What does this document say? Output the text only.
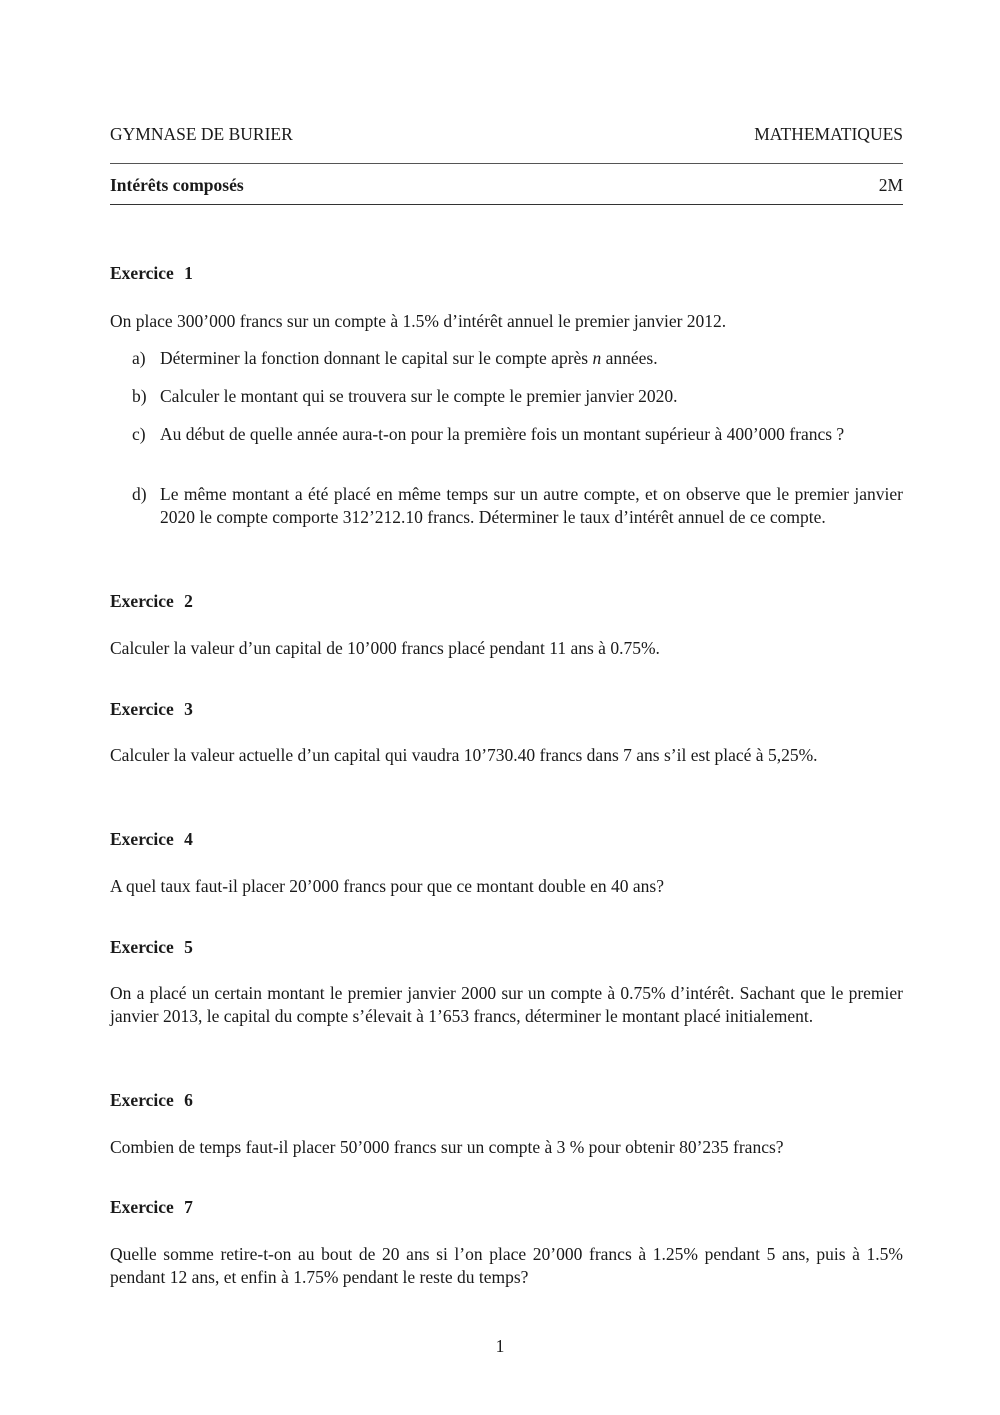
GYMNASE DE BURIER	MATHEMATIQUES
Intérêts composés	2M
Exercice 1
On place 300’000 francs sur un compte à 1.5% d’intérêt annuel le premier janvier 2012.
a) Déterminer la fonction donnant le capital sur le compte après n années.
b) Calculer le montant qui se trouvera sur le compte le premier janvier 2020.
c) Au début de quelle année aura-t-on pour la première fois un montant supérieur à 400’000 francs ?
d) Le même montant a été placé en même temps sur un autre compte, et on observe que le premier janvier 2020 le compte comporte 312’212.10 francs. Déterminer le taux d’intérêt annuel de ce compte.
Exercice 2
Calculer la valeur d’un capital de 10’000 francs placé pendant 11 ans à 0.75%.
Exercice 3
Calculer la valeur actuelle d’un capital qui vaudra 10’730.40 francs dans 7 ans s’il est placé à 5,25%.
Exercice 4
A quel taux faut-il placer 20’000 francs pour que ce montant double en 40 ans?
Exercice 5
On a placé un certain montant le premier janvier 2000 sur un compte à 0.75% d’intérêt. Sachant que le premier janvier 2013, le capital du compte s’élevait à 1’653 francs, déterminer le montant placé initialement.
Exercice 6
Combien de temps faut-il placer 50’000 francs sur un compte à 3 % pour obtenir 80’235 francs?
Exercice 7
Quelle somme retire-t-on au bout de 20 ans si l’on place 20’000 francs à 1.25% pendant 5 ans, puis à 1.5% pendant 12 ans, et enfin à 1.75% pendant le reste du temps?
1
